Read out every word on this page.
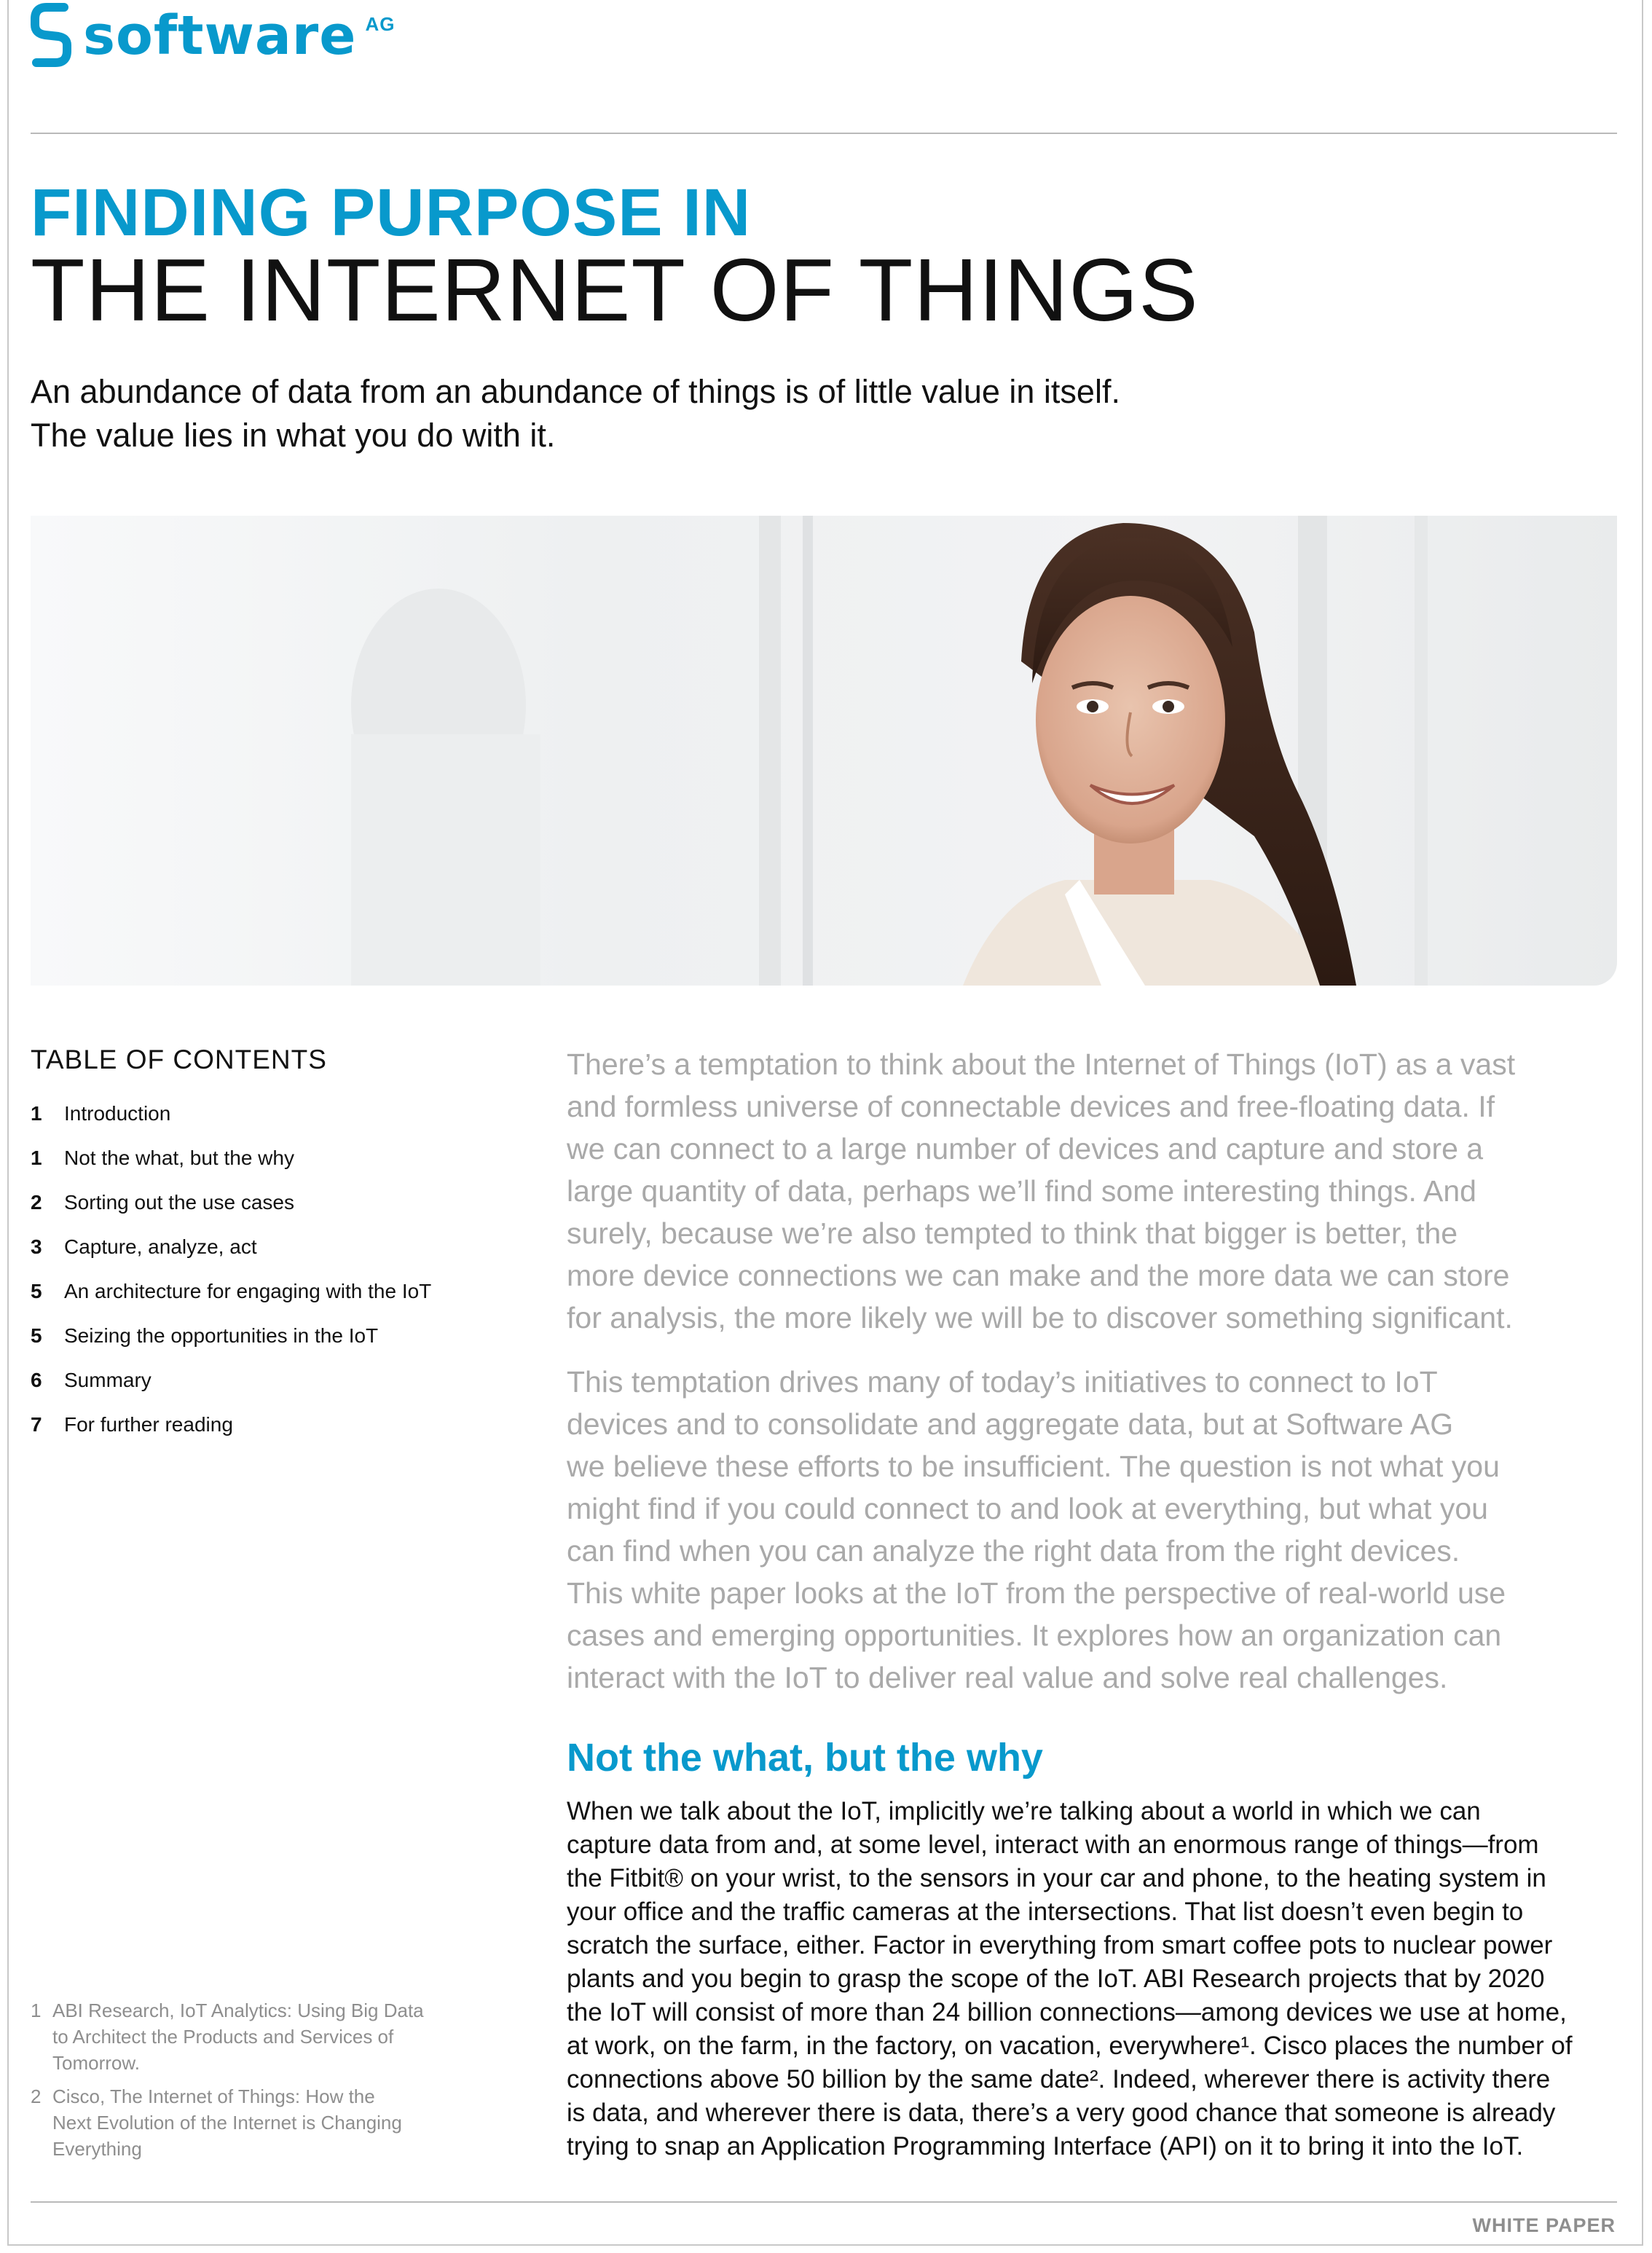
software AG
FINDING PURPOSE IN
THE INTERNET OF THINGS
An abundance of data from an abundance of things is of little value in itself.
The value lies in what you do with it.
TABLE OF CONTENTS
1	Introduction
1	Not the what, but the why
2	Sorting out the use cases
3	Capture, analyze, act
5	An architecture for engaging with the IoT
5	Seizing the opportunities in the IoT
6	Summary
7	For further reading

There’s a temptation to think about the Internet of Things (IoT) as a vast
and formless universe of connectable devices and free-floating data. If
we can connect to a large number of devices and capture and store a
large quantity of data, perhaps we’ll find some interesting things. And
surely, because we’re also tempted to think that bigger is better, the
more device connections we can make and the more data we can store
for analysis, the more likely we will be to discover something significant.

This temptation drives many of today’s initiatives to connect to IoT
devices and to consolidate and aggregate data, but at Software AG
we believe these efforts to be insufficient. The question is not what you
might find if you could connect to and look at everything, but what you
can find when you can analyze the right data from the right devices.
This white paper looks at the IoT from the perspective of real-world use
cases and emerging opportunities. It explores how an organization can
interact with the IoT to deliver real value and solve real challenges.

Not the what, but the why
When we talk about the IoT, implicitly we’re talking about a world in which we can
capture data from and, at some level, interact with an enormous range of things—from
the Fitbit® on your wrist, to the sensors in your car and phone, to the heating system in
your office and the traffic cameras at the intersections. That list doesn’t even begin to
scratch the surface, either. Factor in everything from smart coffee pots to nuclear power
plants and you begin to grasp the scope of the IoT. ABI Research projects that by 2020
the IoT will consist of more than 24 billion connections—among devices we use at home,
at work, on the farm, in the factory, on vacation, everywhere¹. Cisco places the number of
connections above 50 billion by the same date². Indeed, wherever there is activity there
is data, and wherever there is data, there’s a very good chance that someone is already
trying to snap an Application Programming Interface (API) on it to bring it into the IoT.
1 ABI Research, IoT Analytics: Using Big Data
to Architect the Products and Services of
Tomorrow.
2 Cisco, The Internet of Things: How the
Next Evolution of the Internet is Changing
Everything
WHITE PAPER
